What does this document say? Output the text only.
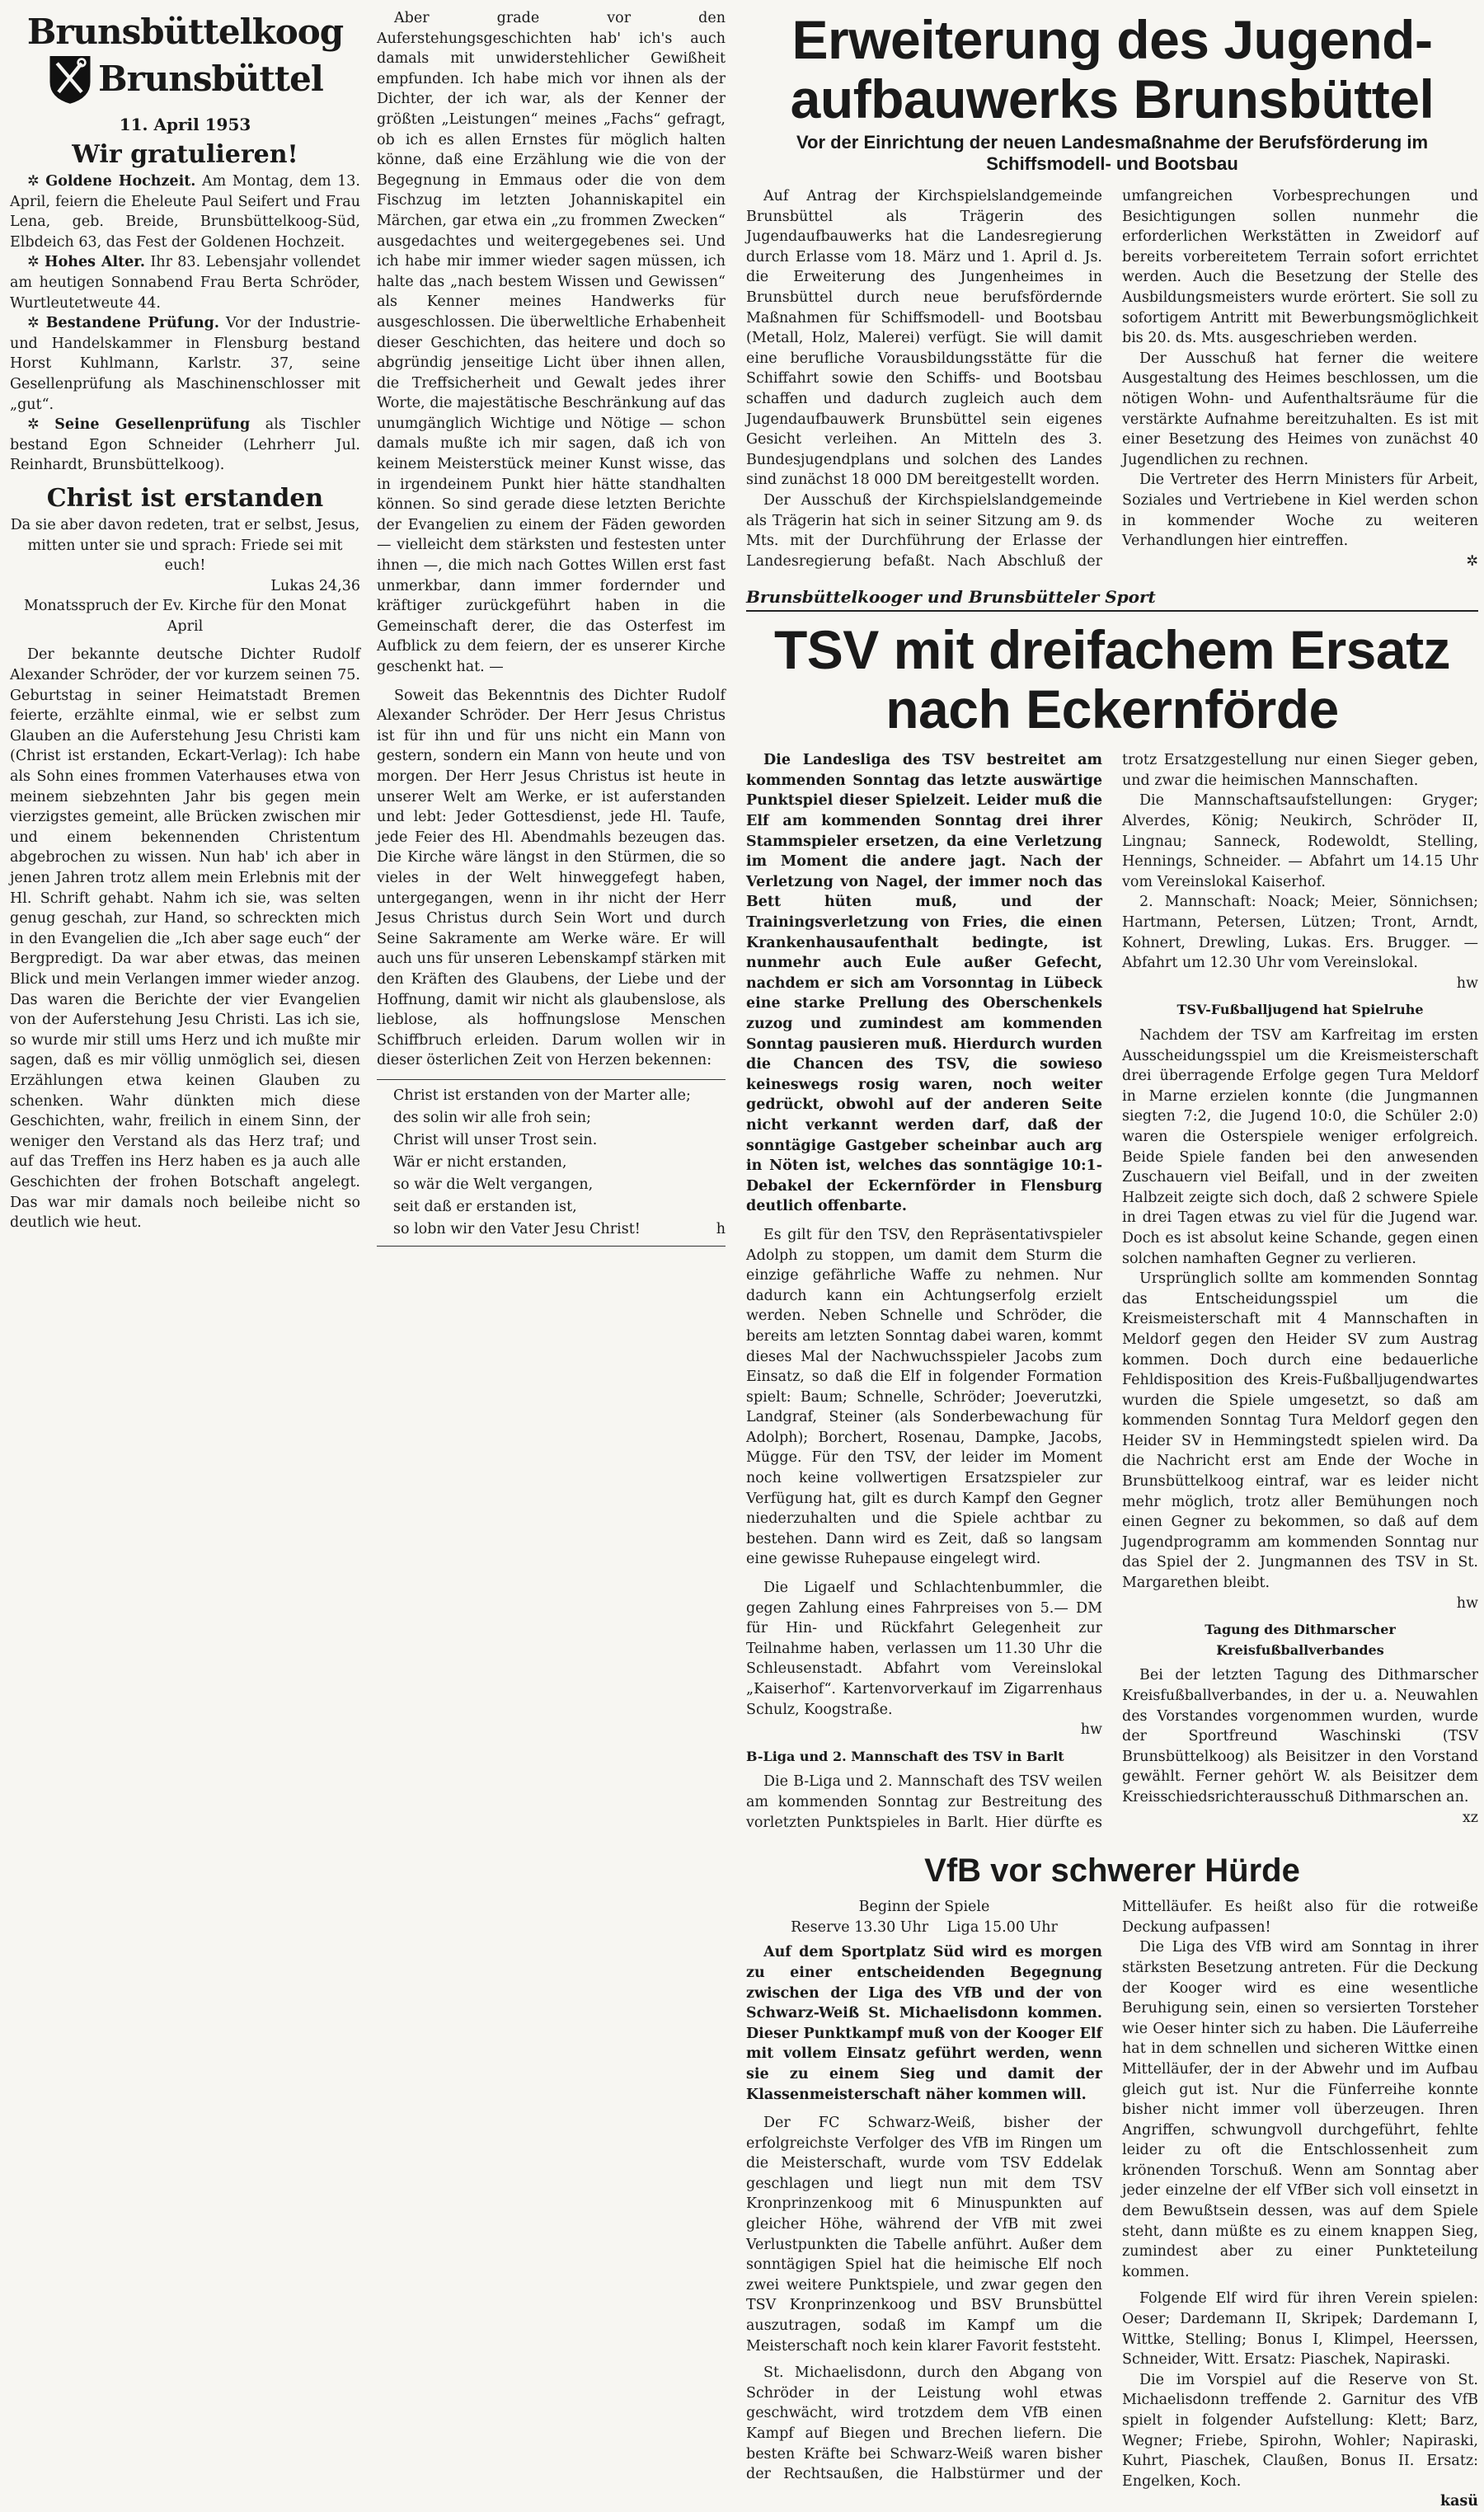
Brunsbüttelkoog
Brunsbüttel
11. April 1953
Wir gratulieren!

✲ Goldene Hochzeit. Am Montag, dem 13. April, feiern die Eheleute Paul Seifert und Frau Lena, geb. Breide, Brunsbüttelkoog-Süd, Elbdeich 63, das Fest der Goldenen Hochzeit.

✲ Hohes Alter. Ihr 83. Lebensjahr vollendet am heutigen Sonnabend Frau Berta Schröder, Wurtleutetweute 44.

✲ Bestandene Prüfung. Vor der Industrie- und Handelskammer in Flensburg bestand Horst Kuhlmann, Karlstr. 37, seine Gesellenprüfung als Maschinenschlosser mit „gut“.

✲ Seine Gesellenprüfung als Tischler bestand Egon Schneider (Lehrherr Jul. Reinhardt, Brunsbüttelkoog).

Christ ist erstanden

Da sie aber davon redeten, trat er selbst, Jesus, mitten unter sie und sprach: Friede sei mit euch!

Lukas 24,36

Monatsspruch der Ev. Kirche für den Monat April

Der bekannte deutsche Dichter Rudolf Alexander Schröder, der vor kurzem seinen 75. Geburtstag in seiner Heimatstadt Bremen feierte, erzählte einmal, wie er selbst zum Glauben an die Auferstehung Jesu Christi kam (Christ ist erstanden, Eckart-Verlag): Ich habe als Sohn eines frommen Vaterhauses etwa von meinem siebzehnten Jahr bis gegen mein vierzigstes gemeint, alle Brücken zwischen mir und einem bekennenden Christentum abgebrochen zu wissen. Nun hab' ich aber in jenen Jahren trotz allem mein Erlebnis mit der Hl. Schrift gehabt. Nahm ich sie, was selten genug geschah, zur Hand, so schreckten mich in den Evangelien die „Ich aber sage euch“ der Bergpredigt. Da war aber etwas, das meinen Blick und mein Verlangen immer wieder anzog. Das waren die Berichte der vier Evangelien von der Auferstehung Jesu Christi. Las ich sie, so wurde mir still ums Herz und ich mußte mir sagen, daß es mir völlig unmöglich sei, diesen Erzählungen etwa keinen Glauben zu schenken. Wahr dünkten mich diese Geschichten, wahr, freilich in einem Sinn, der weniger den Verstand als das Herz traf; und auf das Treffen ins Herz haben es ja auch alle Geschichten der frohen Botschaft angelegt. Das war mir damals noch beileibe nicht so deutlich wie heut.

Aber grade vor den Auferstehungsgeschichten hab' ich's auch damals mit unwiderstehlicher Gewißheit empfunden. Ich habe mich vor ihnen als der Dichter, der ich war, als der Kenner der größten „Leistungen“ meines „Fachs“ gefragt, ob ich es allen Ernstes für möglich halten könne, daß eine Erzählung wie die von der Begegnung in Emmaus oder die von dem Fischzug im letzten Johanniskapitel ein Märchen, gar etwa ein „zu frommen Zwecken“ ausgedachtes und weitergegebenes sei. Und ich habe mir immer wieder sagen müssen, ich halte das „nach bestem Wissen und Gewissen“ als Kenner meines Handwerks für ausgeschlossen. Die überweltliche Erhabenheit dieser Geschichten, das heitere und doch so abgründig jenseitige Licht über ihnen allen, die Treffsicherheit und Gewalt jedes ihrer Worte, die majestätische Beschränkung auf das unumgänglich Wichtige und Nötige — schon damals mußte ich mir sagen, daß ich von keinem Meisterstück meiner Kunst wisse, das in irgendeinem Punkt hier hätte standhalten können. So sind gerade diese letzten Berichte der Evangelien zu einem der Fäden geworden — vielleicht dem stärksten und festesten unter ihnen —, die mich nach Gottes Willen erst fast unmerkbar, dann immer fordernder und kräftiger zurückgeführt haben in die Gemeinschaft derer, die das Osterfest im Aufblick zu dem feiern, der es unserer Kirche geschenkt hat. —

Soweit das Bekenntnis des Dichter Rudolf Alexander Schröder. Der Herr Jesus Christus ist für ihn und für uns nicht ein Mann von gestern, sondern ein Mann von heute und von morgen. Der Herr Jesus Christus ist heute in unserer Welt am Werke, er ist auferstanden und lebt: Jeder Gottesdienst, jede Hl. Taufe, jede Feier des Hl. Abendmahls bezeugen das. Die Kirche wäre längst in den Stürmen, die so vieles in der Welt hinweggefegt haben, untergegangen, wenn in ihr nicht der Herr Jesus Christus durch Sein Wort und durch Seine Sakramente am Werke wäre. Er will auch uns für unseren Lebenskampf stärken mit den Kräften des Glaubens, der Liebe und der Hoffnung, damit wir nicht als glaubenslose, als lieblose, als hoffnungslose Menschen Schiffbruch erleiden. Darum wollen wir in dieser österlichen Zeit von Herzen bekennen:

Christ ist erstanden von der Marter alle;

des solin wir alle froh sein;

Christ will unser Trost sein.

Wär er nicht erstanden,

so wär die Welt vergangen,

seit daß er erstanden ist,

so lobn wir den Vater Jesu Christ!	h
Erweiterung des Jugend-
aufbauwerks Brunsbüttel
Vor der Einrichtung der neuen Landesmaßnahme der Berufsförderung im Schiffsmodell- und Bootsbau

Auf Antrag der Kirchspielslandgemeinde Brunsbüttel als Trägerin des Jugendaufbauwerks hat die Landesregierung durch Erlasse vom 18. März und 1. April d. Js. die Erweiterung des Jungenheimes in Brunsbüttel durch neue berufsfördernde Maßnahmen für Schiffsmodell- und Bootsbau (Metall, Holz, Malerei) verfügt. Sie will damit eine berufliche Vorausbildungsstätte für die Schiffahrt sowie den Schiffs- und Bootsbau schaffen und dadurch zugleich auch dem Jugendaufbauwerk Brunsbüttel sein eigenes Gesicht verleihen. An Mitteln des 3. Bundesjugendplans und solchen des Landes sind zunächst 18 000 DM bereitgestellt worden.

Der Ausschuß der Kirchspielslandgemeinde als Trägerin hat sich in seiner Sitzung am 9. ds Mts. mit der Durchführung der Erlasse der Landesregierung befaßt. Nach Abschluß der umfangreichen Vorbesprechungen und Besichtigungen sollen nunmehr die erforderlichen Werkstätten in Zweidorf auf bereits vorbereitetem Terrain sofort errichtet werden. Auch die Besetzung der Stelle des Ausbildungsmeisters wurde erörtert. Sie soll zu sofortigem Antritt mit Bewerbungsmöglichkeit bis 20. ds. Mts. ausgeschrieben werden.

Der Ausschuß hat ferner die weitere Ausgestaltung des Heimes beschlossen, um die nötigen Wohn- und Aufenthaltsräume für die verstärkte Aufnahme bereitzuhalten. Es ist mit einer Besetzung des Heimes von zunächst 40 Jugendlichen zu rechnen.

Die Vertreter des Herrn Ministers für Arbeit, Soziales und Vertriebene in Kiel werden schon in kommender Woche zu weiteren Verhandlungen hier eintreffen.

✲

Brunsbüttelkooger und Brunsbütteler Sport
TSV mit dreifachem Ersatz
nach Eckernförde

Die Landesliga des TSV bestreitet am kommenden Sonntag das letzte auswärtige Punktspiel dieser Spielzeit. Leider muß die Elf am kommenden Sonntag drei ihrer Stammspieler ersetzen, da eine Verletzung im Moment die andere jagt. Nach der Verletzung von Nagel, der immer noch das Bett hüten muß, und der Trainingsverletzung von Fries, die einen Krankenhausaufenthalt bedingte, ist nunmehr auch Eule außer Gefecht, nachdem er sich am Vorsonntag in Lübeck eine starke Prellung des Oberschenkels zuzog und zumindest am kommenden Sonntag pausieren muß. Hierdurch wurden die Chancen des TSV, die sowieso keineswegs rosig waren, noch weiter gedrückt, obwohl auf der anderen Seite nicht verkannt werden darf, daß der sonntägige Gastgeber scheinbar auch arg in Nöten ist, welches das sonntägige 10:1-Debakel der Eckernförder in Flensburg deutlich offenbarte.

Es gilt für den TSV, den Repräsentativspieler Adolph zu stoppen, um damit dem Sturm die einzige gefährliche Waffe zu nehmen. Nur dadurch kann ein Achtungserfolg erzielt werden. Neben Schnelle und Schröder, die bereits am letzten Sonntag dabei waren, kommt dieses Mal der Nachwuchsspieler Jacobs zum Einsatz, so daß die Elf in folgender Formation spielt: Baum; Schnelle, Schröder; Joeverutzki, Landgraf, Steiner (als Sonderbewachung für Adolph); Borchert, Rosenau, Dampke, Jacobs, Mügge. Für den TSV, der leider im Moment noch keine vollwertigen Ersatzspieler zur Verfügung hat, gilt es durch Kampf den Gegner niederzuhalten und die Spiele achtbar zu bestehen. Dann wird es Zeit, daß so langsam eine gewisse Ruhepause eingelegt wird.

Die Ligaelf und Schlachtenbummler, die gegen Zahlung eines Fahrpreises von 5.— DM für Hin- und Rückfahrt Gelegenheit zur Teilnahme haben, verlassen um 11.30 Uhr die Schleusenstadt. Abfahrt vom Vereinslokal „Kaiserhof“. Kartenvorverkauf im Zigarrenhaus Schulz, Koogstraße.

hw

B-Liga und 2. Mannschaft des TSV in Barlt

Die B-Liga und 2. Mannschaft des TSV weilen am kommenden Sonntag zur Bestreitung des vorletzten Punktspieles in Barlt. Hier dürfte es trotz Ersatzgestellung nur einen Sieger geben, und zwar die heimischen Mannschaften.

Die Mannschaftsaufstellungen: Gryger; Alverdes, König; Neukirch, Schröder II, Lingnau; Sanneck, Rodewoldt, Stelling, Hennings, Schneider. — Abfahrt um 14.15 Uhr vom Vereinslokal Kaiserhof.

2. Mannschaft: Noack; Meier, Sönnichsen; Hartmann, Petersen, Lützen; Tront, Arndt, Kohnert, Drewling, Lukas. Ers. Brugger. — Abfahrt um 12.30 Uhr vom Vereinslokal.

hw

TSV-Fußballjugend hat Spielruhe

Nachdem der TSV am Karfreitag im ersten Ausscheidungsspiel um die Kreismeisterschaft drei überragende Erfolge gegen Tura Meldorf in Marne erzielen konnte (die Jungmannen siegten 7:2, die Jugend 10:0, die Schüler 2:0) waren die Osterspiele weniger erfolgreich. Beide Spiele fanden bei den anwesenden Zuschauern viel Beifall, und in der zweiten Halbzeit zeigte sich doch, daß 2 schwere Spiele in drei Tagen etwas zu viel für die Jugend war. Doch es ist absolut keine Schande, gegen einen solchen namhaften Gegner zu verlieren.

Ursprünglich sollte am kommenden Sonntag das Entscheidungsspiel um die Kreismeisterschaft mit 4 Mannschaften in Meldorf gegen den Heider SV zum Austrag kommen. Doch durch eine bedauerliche Fehldisposition des Kreis-Fußballjugendwartes wurden die Spiele umgesetzt, so daß am kommenden Sonntag Tura Meldorf gegen den Heider SV in Hemmingstedt spielen wird. Da die Nachricht erst am Ende der Woche in Brunsbüttelkoog eintraf, war es leider nicht mehr möglich, trotz aller Bemühungen noch einen Gegner zu bekommen, so daß auf dem Jugendprogramm am kommenden Sonntag nur das Spiel der 2. Jungmannen des TSV in St. Margarethen bleibt.

hw

Tagung des Dithmarscher Kreisfußballverbandes

Bei der letzten Tagung des Dithmarscher Kreisfußballverbandes, in der u. a. Neuwahlen des Vorstandes vorgenommen wurden, wurde der Sportfreund Waschinski (TSV Brunsbüttelkoog) als Beisitzer in den Vorstand gewählt. Ferner gehört W. als Beisitzer dem Kreisschiedsrichterausschuß Dithmarschen an.

xz

VfB vor schwerer Hürde

Beginn der Spiele

Reserve 13.30 Uhr Liga 15.00 Uhr

Auf dem Sportplatz Süd wird es morgen zu einer entscheidenden Begegnung zwischen der Liga des VfB und der von Schwarz-Weiß St. Michaelisdonn kommen. Dieser Punktkampf muß von der Kooger Elf mit vollem Einsatz geführt werden, wenn sie zu einem Sieg und damit der Klassenmeisterschaft näher kommen will.

Der FC Schwarz-Weiß, bisher der erfolgreichste Verfolger des VfB im Ringen um die Meisterschaft, wurde vom TSV Eddelak geschlagen und liegt nun mit dem TSV Kronprinzenkoog mit 6 Minuspunkten auf gleicher Höhe, während der VfB mit zwei Verlustpunkten die Tabelle anführt. Außer dem sonntägigen Spiel hat die heimische Elf noch zwei weitere Punktspiele, und zwar gegen den TSV Kronprinzenkoog und BSV Brunsbüttel auszutragen, sodaß im Kampf um die Meisterschaft noch kein klarer Favorit feststeht.

St. Michaelisdonn, durch den Abgang von Schröder in der Leistung wohl etwas geschwächt, wird trotzdem dem VfB einen Kampf auf Biegen und Brechen liefern. Die besten Kräfte bei Schwarz-Weiß waren bisher der Rechtsaußen, die Halbstürmer und der Mittelläufer. Es heißt also für die rotweiße Deckung aufpassen!

Die Liga des VfB wird am Sonntag in ihrer stärksten Besetzung antreten. Für die Deckung der Kooger wird es eine wesentliche Beruhigung sein, einen so versierten Torsteher wie Oeser hinter sich zu haben. Die Läuferreihe hat in dem schnellen und sicheren Wittke einen Mittelläufer, der in der Abwehr und im Aufbau gleich gut ist. Nur die Fünferreihe konnte bisher nicht immer voll überzeugen. Ihren Angriffen, schwungvoll durchgeführt, fehlte leider zu oft die Entschlossenheit zum krönenden Torschuß. Wenn am Sonntag aber jeder einzelne der elf VfBer sich voll einsetzt in dem Bewußtsein dessen, was auf dem Spiele steht, dann müßte es zu einem knappen Sieg, zumindest aber zu einer Punkteteilung kommen.

Folgende Elf wird für ihren Verein spielen: Oeser; Dardemann II, Skripek; Dardemann I, Wittke, Stelling; Bonus I, Klimpel, Heerssen, Schneider, Witt. Ersatz: Piaschek, Napiraski.

Die im Vorspiel auf die Reserve von St. Michaelisdonn treffende 2. Garnitur des VfB spielt in folgender Aufstellung: Klett; Barz, Wegner; Friebe, Spirohn, Wohler; Napiraski, Kuhrt, Piaschek, Claußen, Bonus II. Ersatz: Engelken, Koch.

kasü
